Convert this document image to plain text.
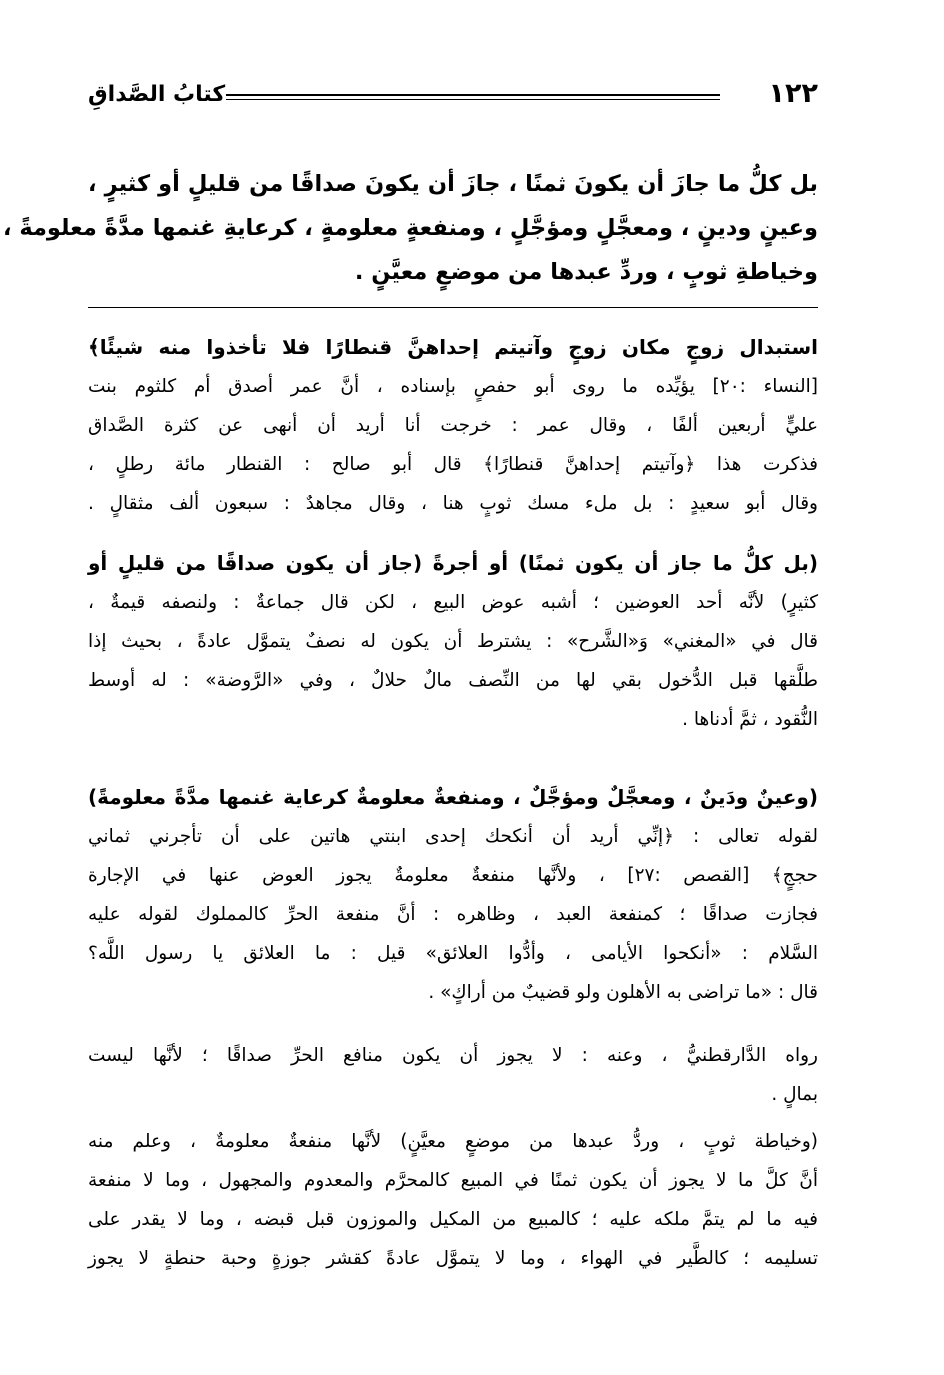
١٢٢
كتابُ الصَّداقِ
بل كلُّ ما جازَ أن يكونَ ثمنًا ، جازَ أن يكونَ صداقًا من قليلٍ أو كثيرٍ ،
وعينٍ ودينٍ ، ومعجَّلٍ ومؤجَّلٍ ، ومنفعةٍ معلومةٍ ، كرعايةِ غنمها مدَّةً معلومةً ،
وخياطةِ ثوبٍ ، وردِّ عبدها من موضعٍ معيَّنٍ .
استبدال زوجٍ مكان زوجٍ وآتيتم إحداهنَّ قنطارًا فلا تأخذوا منه شيئًا﴾
[النساء :٢٠] يؤيِّده ما روى أبو حفصٍ بإسناده ، أنَّ عمر أصدق أم كلثوم بنت
عليٍّ أربعين ألفًا ، وقال عمر : خرجت أنا أريد أن أنهى عن كثرة الصَّداق
فذكرت هذا ﴿وآتيتم إحداهنَّ قنطارًا﴾ قال أبو صالح : القنطار مائة رطلٍ ،
وقال أبو سعيدٍ : بل ملء مسك ثوبٍ هنا ، وقال مجاهدٌ : سبعون ألف مثقالٍ .
(بل كلُّ ما جاز أن يكون ثمنًا) أو أجرةً (جاز أن يكون صداقًا من قليلٍ أو
كثيرٍ) لأنَّه أحد العوضين ؛ أشبه عوض البيع ، لكن قال جماعةٌ : ولنصفه قيمةٌ ،
قال في «المغني» وَ«الشَّرح» : يشترط أن يكون له نصفٌ يتموَّل عادةً ، بحيث إذا
طلَّقها قبل الدُّخول بقي لها من النِّصف مالٌ حلالٌ ، وفي «الرَّوضة» : له أوسط
النُّقود ، ثمَّ أدناها .
(وعينٌ ودَينٌ ، ومعجَّلٌ ومؤجَّلٌ ، ومنفعةٌ معلومةٌ كرعاية غنمها مدَّةً معلومةً)
لقوله تعالى : ﴿إنِّي أريد أن أنكحك إحدى ابنتي هاتين على أن تأجرني ثماني
حججٍ﴾ [القصص :٢٧] ، ولأنَّها منفعةٌ معلومةٌ يجوز العوض عنها في الإجارة
فجازت صداقًا ؛ كمنفعة العبد ، وظاهره : أنَّ منفعة الحرِّ كالمملوك لقوله عليه
السَّلام : «أنكحوا الأيامى ، وأدُّوا العلائق» قيل : ما العلائق يا رسول اللَّه؟
قال : «ما تراضى به الأهلون ولو قضيبٌ من أراكٍ» .
رواه الدَّارقطنيُّ ، وعنه : لا يجوز أن يكون منافع الحرِّ صداقًا ؛ لأنَّها ليست
بمالٍ .
(وخياطة ثوبٍ ، وردُّ عبدها من موضعٍ معيَّنٍ) لأنَّها منفعةٌ معلومةٌ ، وعلم منه
أنَّ كلَّ ما لا يجوز أن يكون ثمنًا في المبيع كالمحرَّم والمعدوم والمجهول ، وما لا منفعة
فيه ما لم يتمَّ ملكه عليه ؛ كالمبيع من المكيل والموزون قبل قبضه ، وما لا يقدر على
تسليمه ؛ كالطَّير في الهواء ، وما لا يتموَّل عادةً كقشر جوزةٍ وحبة حنطةٍ لا يجوز
